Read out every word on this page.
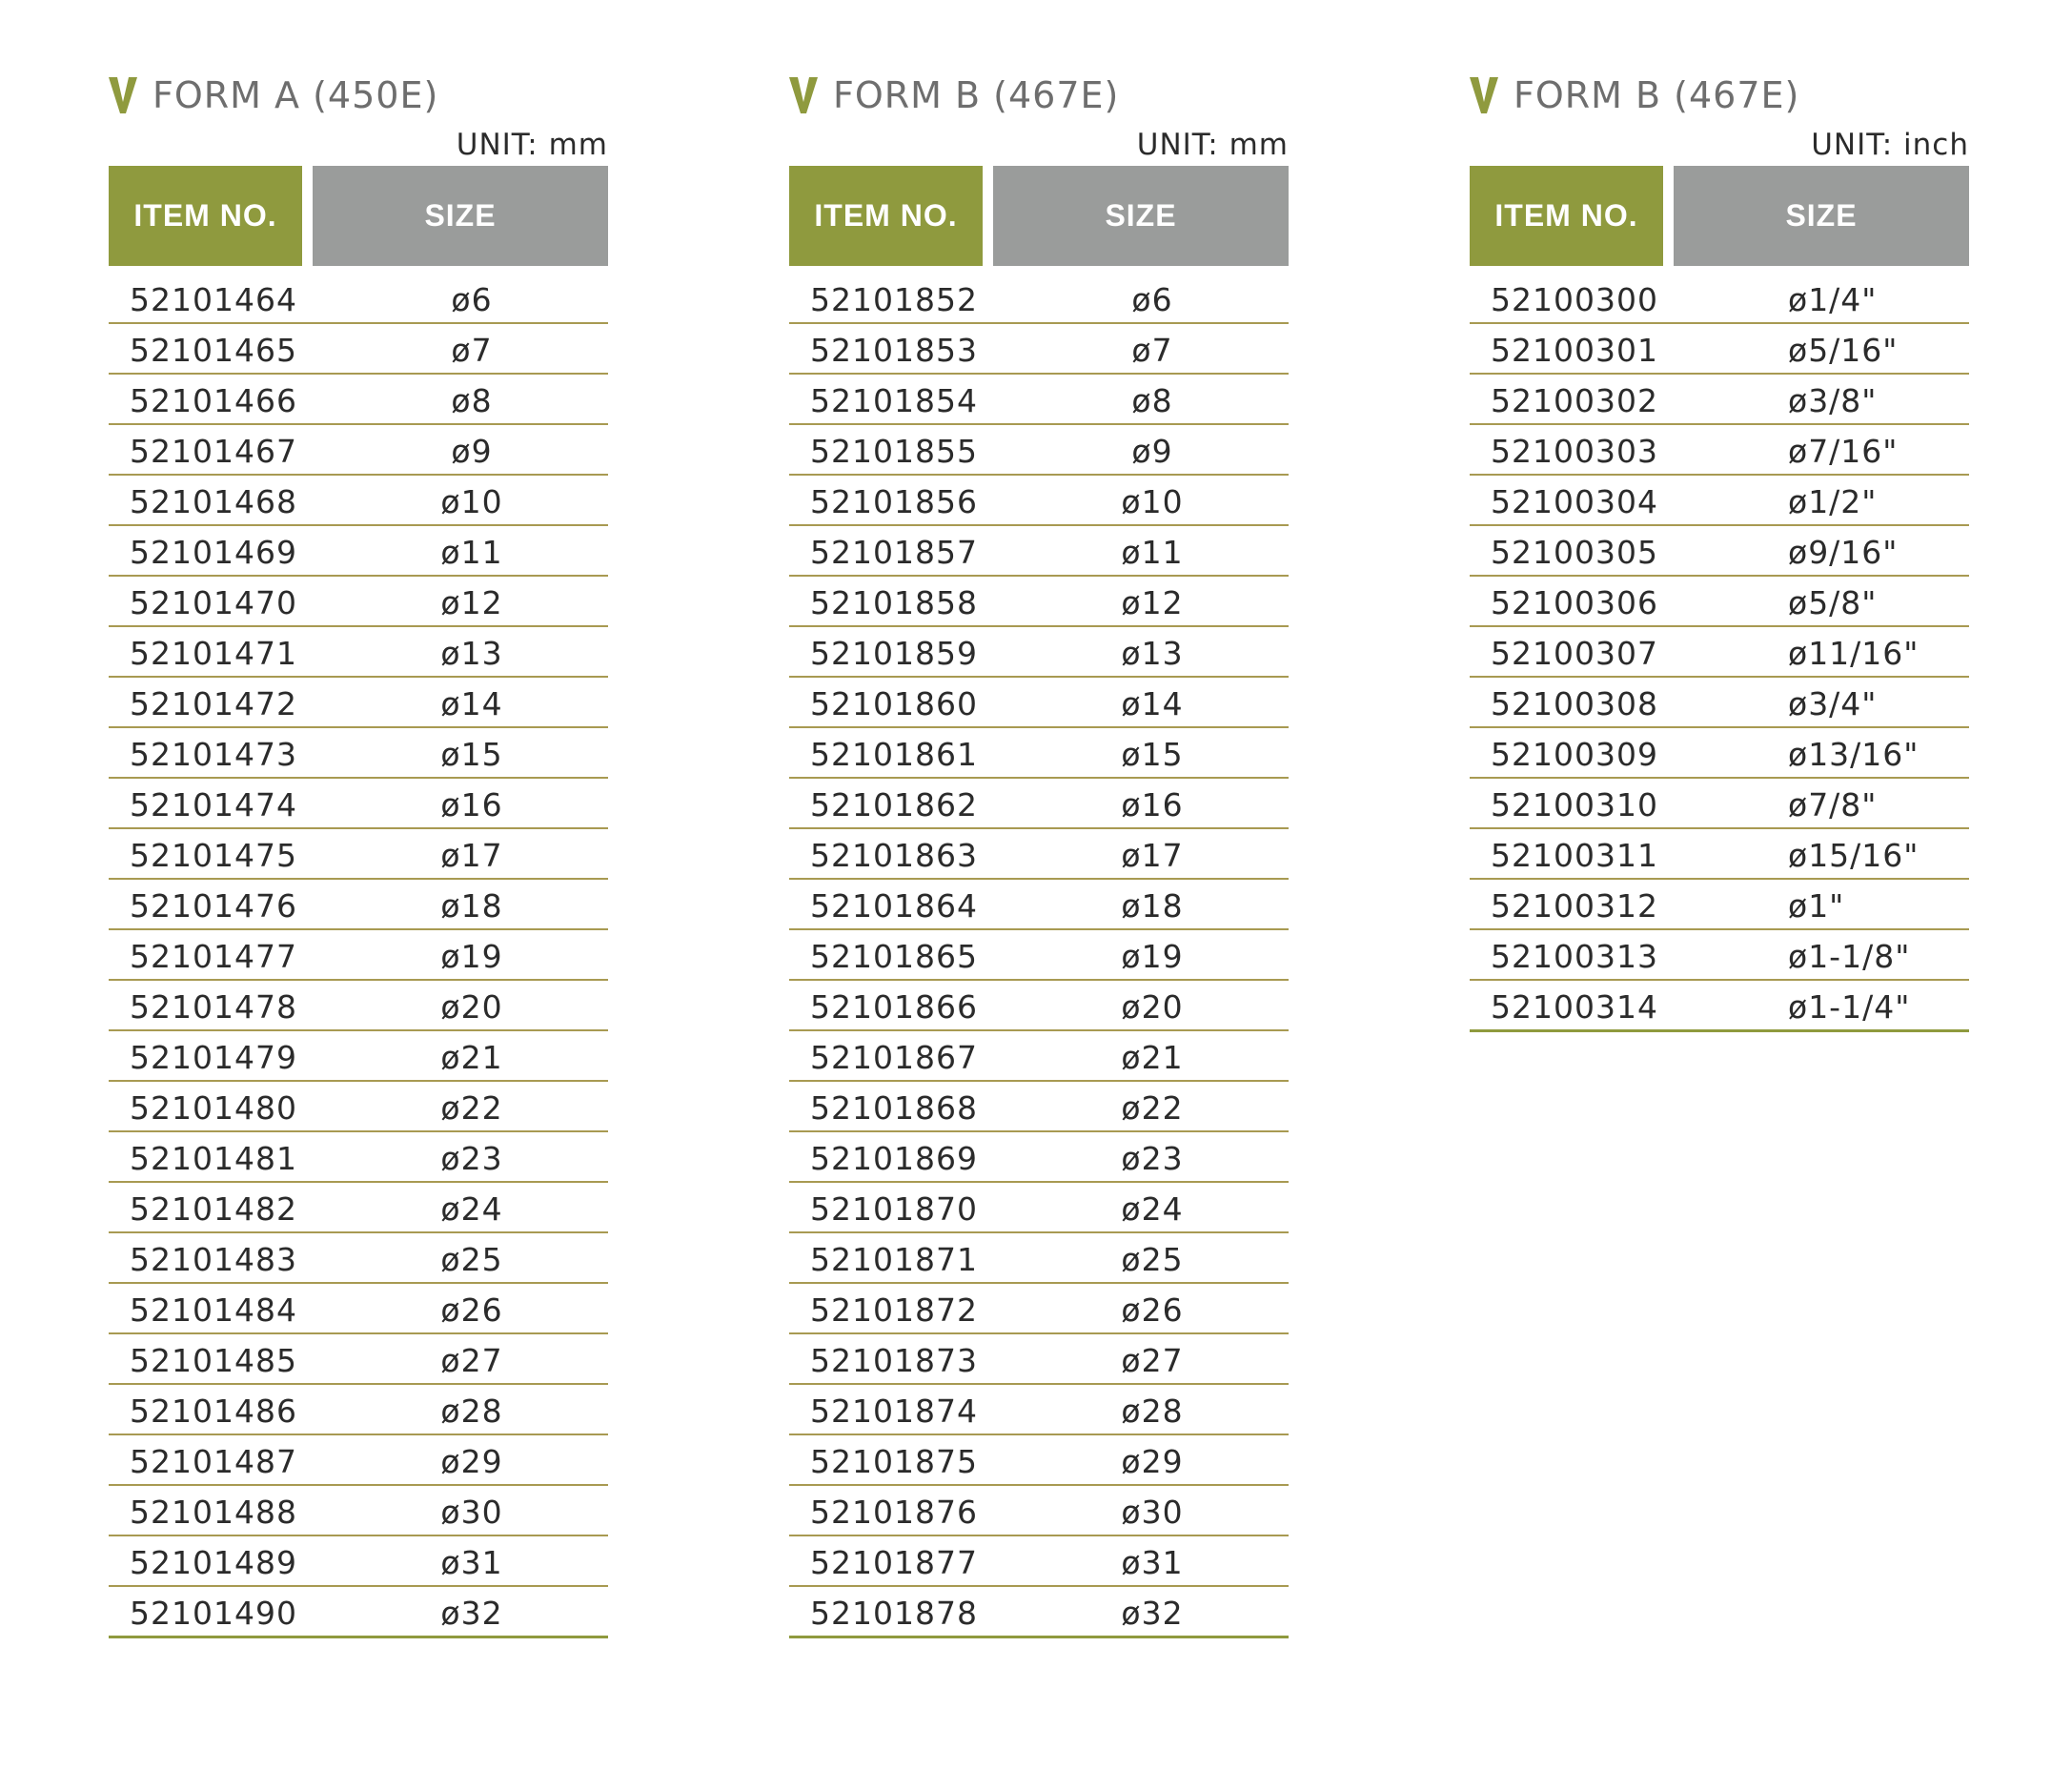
FORM A (450E)
UNIT: mm
ITEM NO.	SIZE
52101464	ø6
52101465	ø7
52101466	ø8
52101467	ø9
52101468	ø10
52101469	ø11
52101470	ø12
52101471	ø13
52101472	ø14
52101473	ø15
52101474	ø16
52101475	ø17
52101476	ø18
52101477	ø19
52101478	ø20
52101479	ø21
52101480	ø22
52101481	ø23
52101482	ø24
52101483	ø25
52101484	ø26
52101485	ø27
52101486	ø28
52101487	ø29
52101488	ø30
52101489	ø31
52101490	ø32
FORM B (467E)
UNIT: mm
ITEM NO.	SIZE
52101852	ø6
52101853	ø7
52101854	ø8
52101855	ø9
52101856	ø10
52101857	ø11
52101858	ø12
52101859	ø13
52101860	ø14
52101861	ø15
52101862	ø16
52101863	ø17
52101864	ø18
52101865	ø19
52101866	ø20
52101867	ø21
52101868	ø22
52101869	ø23
52101870	ø24
52101871	ø25
52101872	ø26
52101873	ø27
52101874	ø28
52101875	ø29
52101876	ø30
52101877	ø31
52101878	ø32
FORM B (467E)
UNIT: inch
ITEM NO.	SIZE
52100300	ø1/4"
52100301	ø5/16"
52100302	ø3/8"
52100303	ø7/16"
52100304	ø1/2"
52100305	ø9/16"
52100306	ø5/8"
52100307	ø11/16"
52100308	ø3/4"
52100309	ø13/16"
52100310	ø7/8"
52100311	ø15/16"
52100312	ø1"
52100313	ø1-1/8"
52100314	ø1-1/4"
